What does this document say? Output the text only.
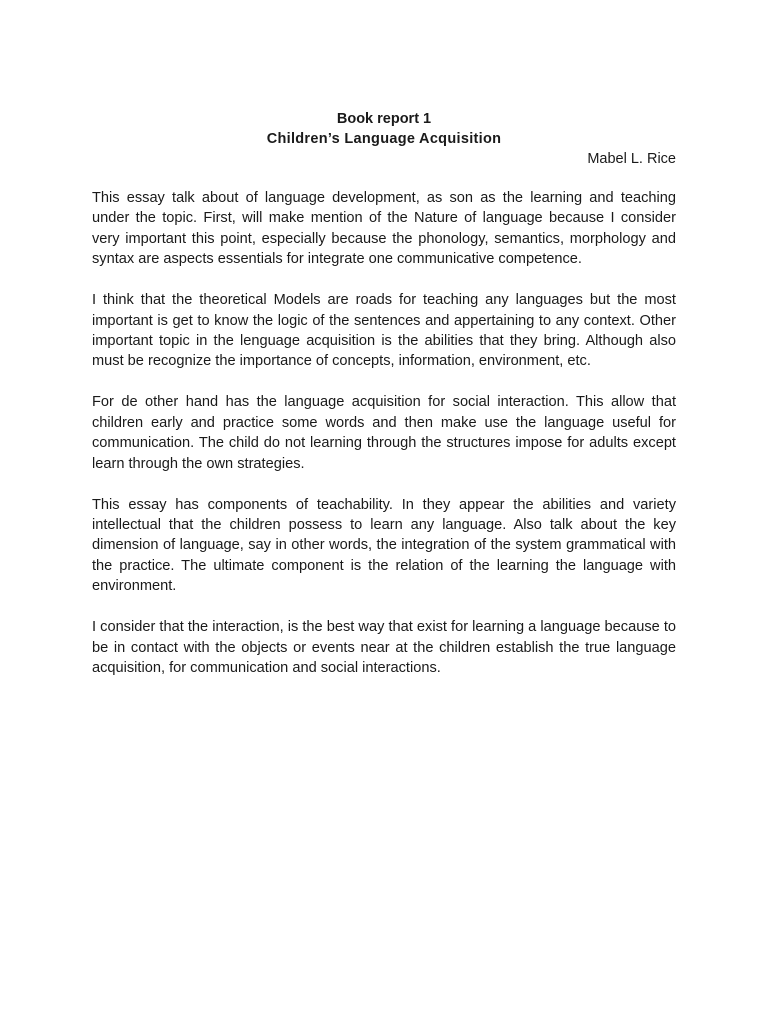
Book report 1

Children’s Language Acquisition

Mabel L. Rice

This essay talk about of language development, as son as the learning and teaching under the topic. First, will make mention of the Nature of language because I consider very important this point, especially because the phonology, semantics, morphology and syntax are aspects essentials for integrate one communicative competence.

I think that the theoretical Models are roads for teaching any languages but the most important is get to know the logic of the sentences and appertaining to any context. Other important topic in the lenguage acquisition is the abilities that they bring. Although also must be recognize the importance of concepts, information, environment, etc.

For de other hand has the language acquisition for social interaction. This allow that children early and practice some words and then make use the language useful for communication. The child do not learning through the structures impose for adults except learn through the own strategies.

This essay has components of teachability. In they appear the abilities and variety intellectual that the children possess to learn any language. Also talk about the key dimension of language, say in other words, the integration of the system grammatical with the practice. The ultimate component is the relation of the learning the language with environment.

I consider that the interaction, is the best way that exist for learning a language because to be in contact with the objects or events near at the children establish the true language acquisition, for communication and social interactions.
